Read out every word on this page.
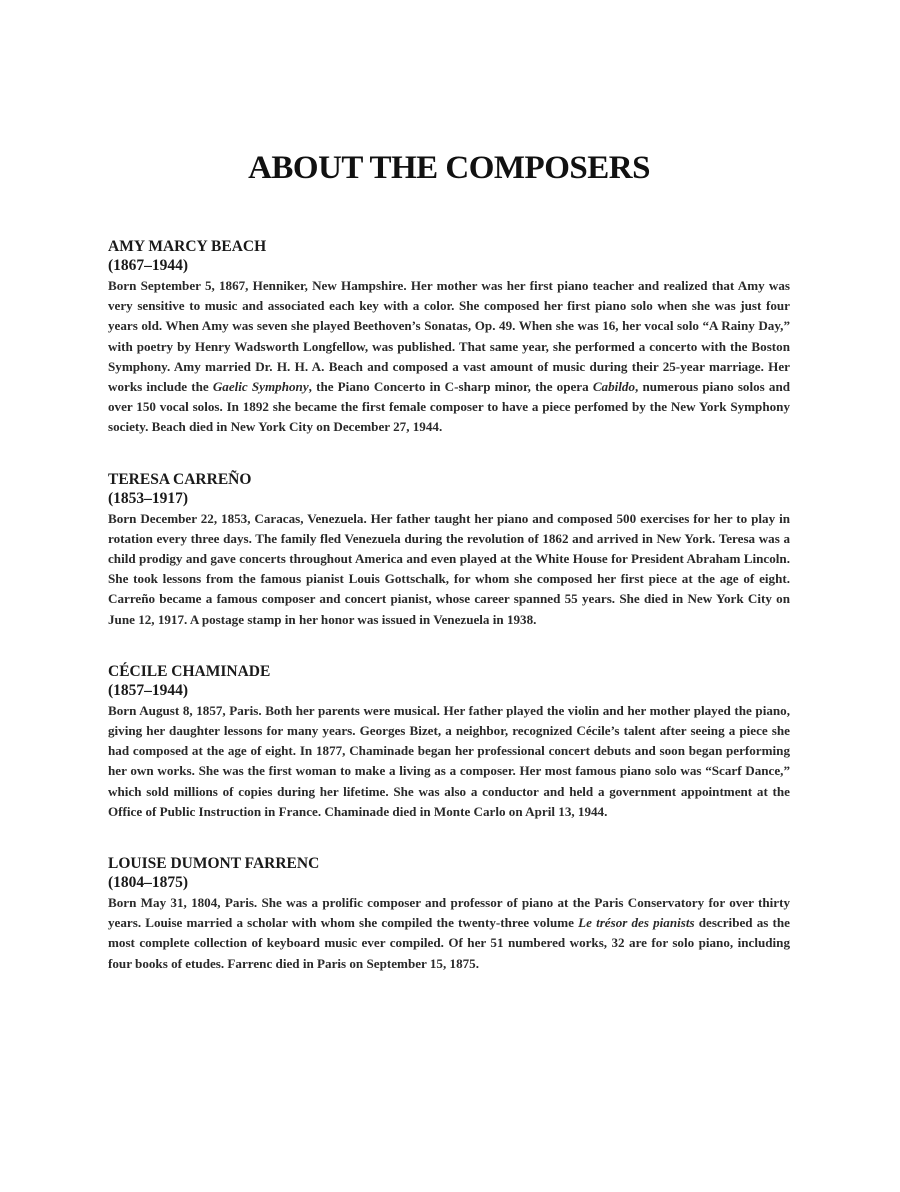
ABOUT THE COMPOSERS

AMY MARCY BEACH

(1867–1944)

Born September 5, 1867, Henniker, New Hampshire. Her mother was her first piano teacher and realized that Amy was very sensitive to music and associated each key with a color. She composed her first piano solo when she was just four years old. When Amy was seven she played Beethoven’s Sonatas, Op. 49. When she was 16, her vocal solo “A Rainy Day,” with poetry by Henry Wadsworth Longfellow, was published. That same year, she performed a concerto with the Boston Symphony. Amy married Dr. H. H. A. Beach and composed a vast amount of music during their 25-year marriage. Her works include the Gaelic Symphony, the Piano Concerto in C-sharp minor, the opera Cabildo, numerous piano solos and over 150 vocal solos. In 1892 she became the first female composer to have a piece perfomed by the New York Symphony society. Beach died in New York City on December 27, 1944.

TERESA CARREÑO

(1853–1917)

Born December 22, 1853, Caracas, Venezuela. Her father taught her piano and composed 500 exercises for her to play in rotation every three days. The family fled Venezuela during the revolution of 1862 and arrived in New York. Teresa was a child prodigy and gave concerts throughout America and even played at the White House for President Abraham Lincoln. She took lessons from the famous pianist Louis Gottschalk, for whom she composed her first piece at the age of eight. Carreño became a famous composer and concert pianist, whose career spanned 55 years. She died in New York City on June 12, 1917. A postage stamp in her honor was issued in Venezuela in 1938.

CÉCILE CHAMINADE

(1857–1944)

Born August 8, 1857, Paris. Both her parents were musical. Her father played the violin and her mother played the piano, giving her daughter lessons for many years. Georges Bizet, a neighbor, recognized Cécile’s talent after seeing a piece she had composed at the age of eight. In 1877, Chaminade began her professional concert debuts and soon began performing her own works. She was the first woman to make a living as a composer. Her most famous piano solo was “Scarf Dance,” which sold millions of copies during her lifetime. She was also a conductor and held a government appointment at the Office of Public Instruction in France. Chaminade died in Monte Carlo on April 13, 1944.

LOUISE DUMONT FARRENC

(1804–1875)

Born May 31, 1804, Paris. She was a prolific composer and professor of piano at the Paris Conservatory for over thirty years. Louise married a scholar with whom she compiled the twenty-three volume Le trésor des pianists described as the most complete collection of keyboard music ever compiled. Of her 51 numbered works, 32 are for solo piano, including four books of etudes. Farrenc died in Paris on September 15, 1875.
